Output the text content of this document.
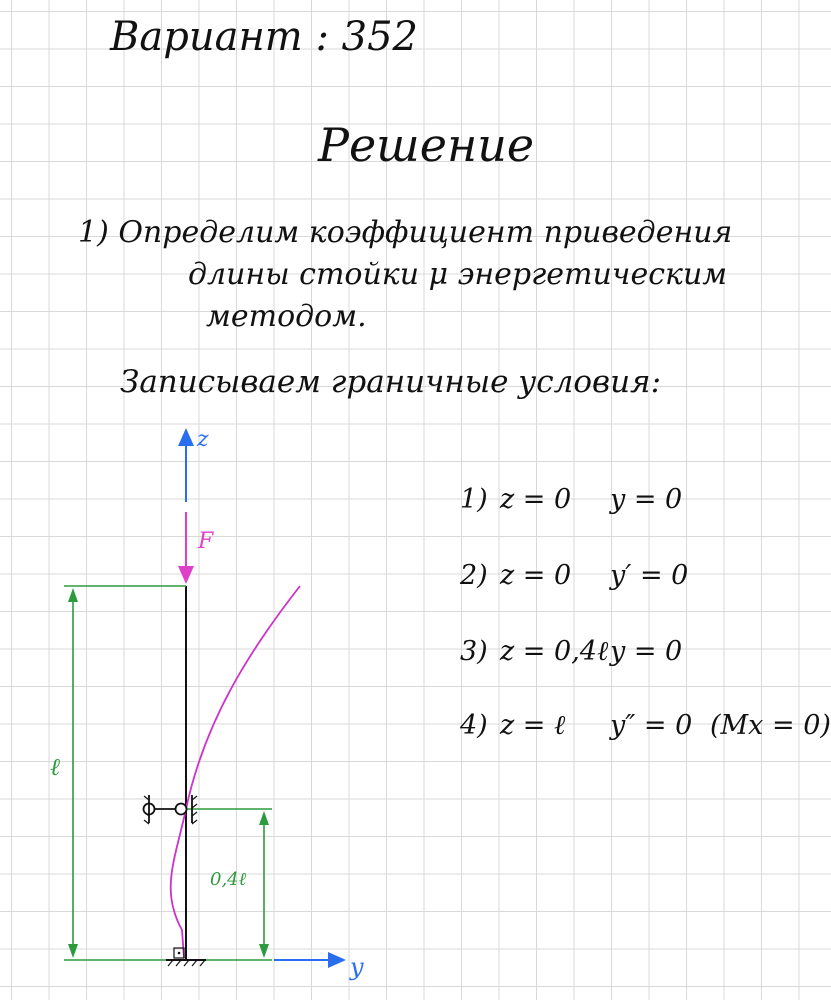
Вариант : 352
Решение
1) Определим коэффициент приведения
длины стойки μ энергетическим
методом.
Записываем граничные условия:
1) z = 0 y = 0
2) z = 0 y′ = 0
3) z = 0,4ℓ y = 0
4) z = ℓ y″ = 0 (Mx = 0)
z
F
ℓ
0,4ℓ
y
